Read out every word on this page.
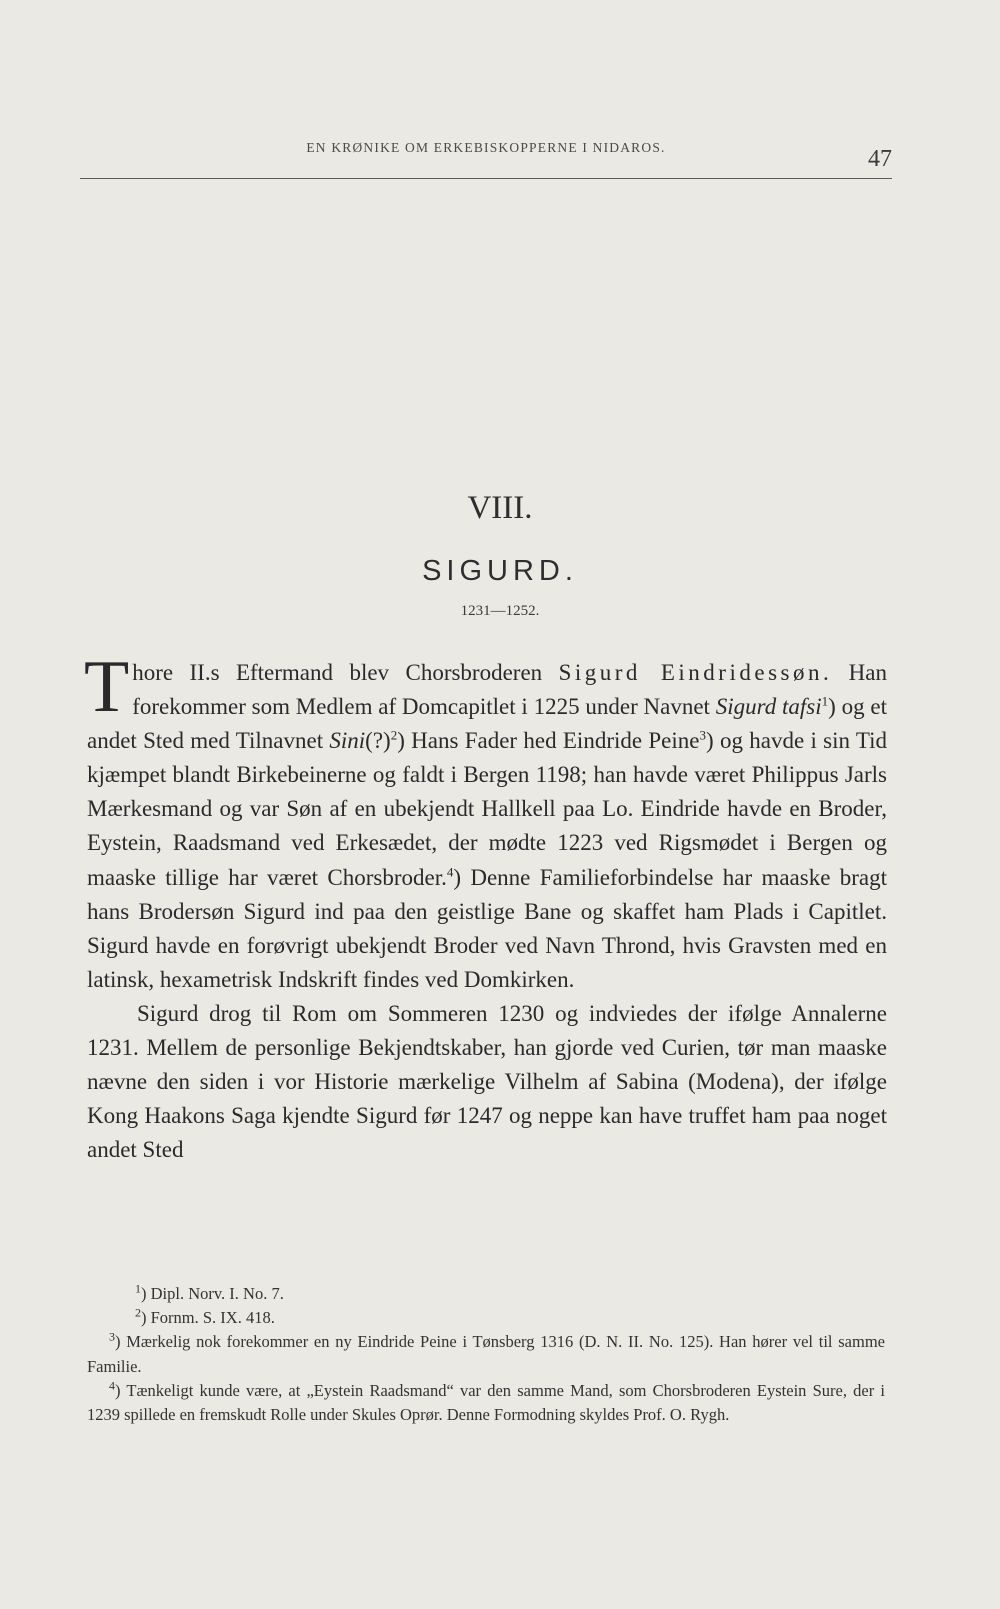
EN KRØNIKE OM ERKEBISKOPPERNE I NIDAROS.	47
VIII.
SIGURD.
1231—1252.

Thore II.s Eftermand blev Chorsbroderen Sigurd Eindridessøn. Han forekommer som Medlem af Domcapitlet i 1225 under Navnet Sigurd tafsi$^1$) og et andet Sted med Tilnavnet Sini(?)$^2$) Hans Fader hed Eindride Peine$^3$) og havde i sin Tid kjæmpet blandt Birkebeinerne og faldt i Bergen 1198; han havde været Philippus Jarls Mærkesmand og var Søn af en ubekjendt Hallkell paa Lo. Eindride havde en Broder, Eystein, Raadsmand ved Erkesædet, der mødte 1223 ved Rigsmødet i Bergen og maaske tillige har været Chorsbroder.$^4$) Denne Familieforbindelse har maaske bragt hans Brodersøn Sigurd ind paa den geistlige Bane og skaffet ham Plads i Capitlet. Sigurd havde en forøvrigt ubekjendt Broder ved Navn Thrond, hvis Gravsten med en latinsk, hexametrisk Indskrift findes ved Domkirken.

Sigurd drog til Rom om Sommeren 1230 og indviedes der ifølge Annalerne 1231. Mellem de personlige Bekjendtskaber, han gjorde ved Curien, tør man maaske nævne den siden i vor Historie mærkelige Vilhelm af Sabina (Modena), der ifølge Kong Haakons Saga kjendte Sigurd før 1247 og neppe kan have truffet ham paa noget andet Sted

$^1$) Dipl. Norv. I. No. 7.

$^2$) Fornm. S. IX. 418.

$^3$) Mærkelig nok forekommer en ny Eindride Peine i Tønsberg 1316 (D. N. II. No. 125). Han hører vel til samme Familie.

$^4$) Tænkeligt kunde være, at „Eystein Raadsmand“ var den samme Mand, som Chorsbroderen Eystein Sure, der i 1239 spillede en fremskudt Rolle under Skules Oprør. Denne Formodning skyldes Prof. O. Rygh.
